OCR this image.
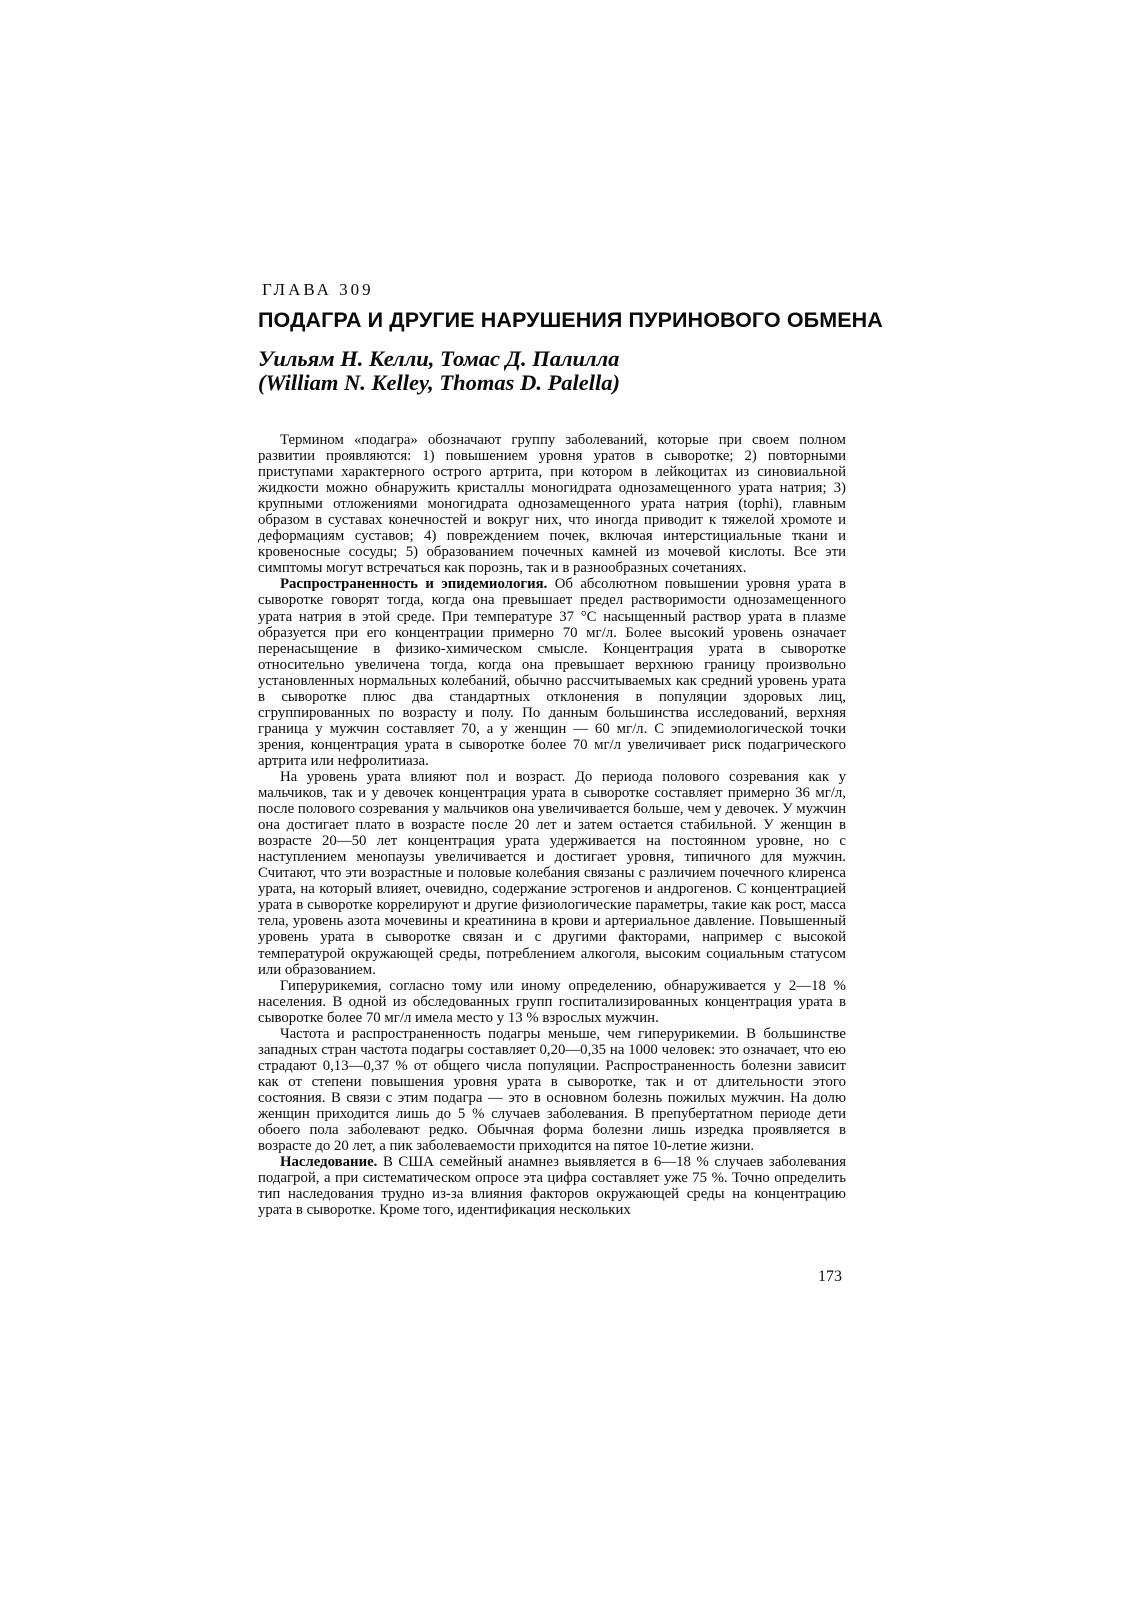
ГЛАВА 309
ПОДАГРА И ДРУГИЕ НАРУШЕНИЯ ПУРИНОВОГО ОБМЕНА
Уильям Н. Келли, Томас Д. Палилла
(William N. Kelley, Thomas D. Palella)

Термином «подагра» обозначают группу заболеваний, которые при своем полном развитии проявляются: 1) повышением уровня уратов в сыворотке; 2) повторными приступами характерного острого артрита, при котором в лейкоцитах из синовиальной жидкости можно обнаружить кристаллы моногидрата однозамещенного урата натрия; 3) крупными отложениями моногидрата однозамещенного урата натрия (tophi), главным образом в суставах конечностей и вокруг них, что иногда приводит к тяжелой хромоте и деформациям суставов; 4) повреждением почек, включая интерстициальные ткани и кровеносные сосуды; 5) образованием почечных камней из мочевой кислоты. Все эти симптомы могут встречаться как порознь, так и в разнообразных сочетаниях.

Распространенность и эпидемиология. Об абсолютном повышении уровня урата в сыворотке говорят тогда, когда она превышает предел растворимости однозамещенного урата натрия в этой среде. При температуре 37 °С насыщенный раствор урата в плазме образуется при его концентрации примерно 70 мг/л. Более высокий уровень означает перенасыщение в физико-химическом смысле. Концентрация урата в сыворотке относительно увеличена тогда, когда она превышает верхнюю границу произвольно установленных нормальных колебаний, обычно рассчитываемых как средний уровень урата в сыворотке плюс два стандартных отклонения в популяции здоровых лиц, сгруппированных по возрасту и полу. По данным большинства исследований, верхняя граница у мужчин составляет 70, а у женщин — 60 мг/л. С эпидемиологической точки зрения, концентрация урата в сыворотке более 70 мг/л увеличивает риск подагрического артрита или нефролитиаза.

На уровень урата влияют пол и возраст. До периода полового созревания как у мальчиков, так и у девочек концентрация урата в сыворотке составляет примерно 36 мг/л, после полового созревания у мальчиков она увеличивается больше, чем у девочек. У мужчин она достигает плато в возрасте после 20 лет и затем остается стабильной. У женщин в возрасте 20—50 лет концентрация урата удерживается на постоянном уровне, но с наступлением менопаузы увеличивается и достигает уровня, типичного для мужчин. Считают, что эти возрастные и половые колебания связаны с различием почечного клиренса урата, на который влияет, очевидно, содержание эстрогенов и андрогенов. С концентрацией урата в сыворотке коррелируют и другие физиологические параметры, такие как рост, масса тела, уровень азота мочевины и креатинина в крови и артериальное давление. Повышенный уровень урата в сыворотке связан и с другими факторами, например с высокой температурой окружающей среды, потреблением алкоголя, высоким социальным статусом или образованием.

Гиперурикемия, согласно тому или иному определению, обнаруживается у 2—18 % населения. В одной из обследованных групп госпитализированных концентрация урата в сыворотке более 70 мг/л имела место у 13 % взрослых мужчин.

Частота и распространенность подагры меньше, чем гиперурикемии. В большинстве западных стран частота подагры составляет 0,20—0,35 на 1000 человек: это означает, что ею страдают 0,13—0,37 % от общего числа популяции. Распространенность болезни зависит как от степени повышения уровня урата в сыворотке, так и от длительности этого состояния. В связи с этим подагра — это в основном болезнь пожилых мужчин. На долю женщин приходится лишь до 5 % случаев заболевания. В препубертатном периоде дети обоего пола заболевают редко. Обычная форма болезни лишь изредка проявляется в возрасте до 20 лет, а пик заболеваемости приходится на пятое 10-летие жизни.

Наследование. В США семейный анамнез выявляется в 6—18 % случаев заболевания подагрой, а при систематическом опросе эта цифра составляет уже 75 %. Точно определить тип наследования трудно из-за влияния факторов окружающей среды на концентрацию урата в сыворотке. Кроме того, идентификация нескольких

173
